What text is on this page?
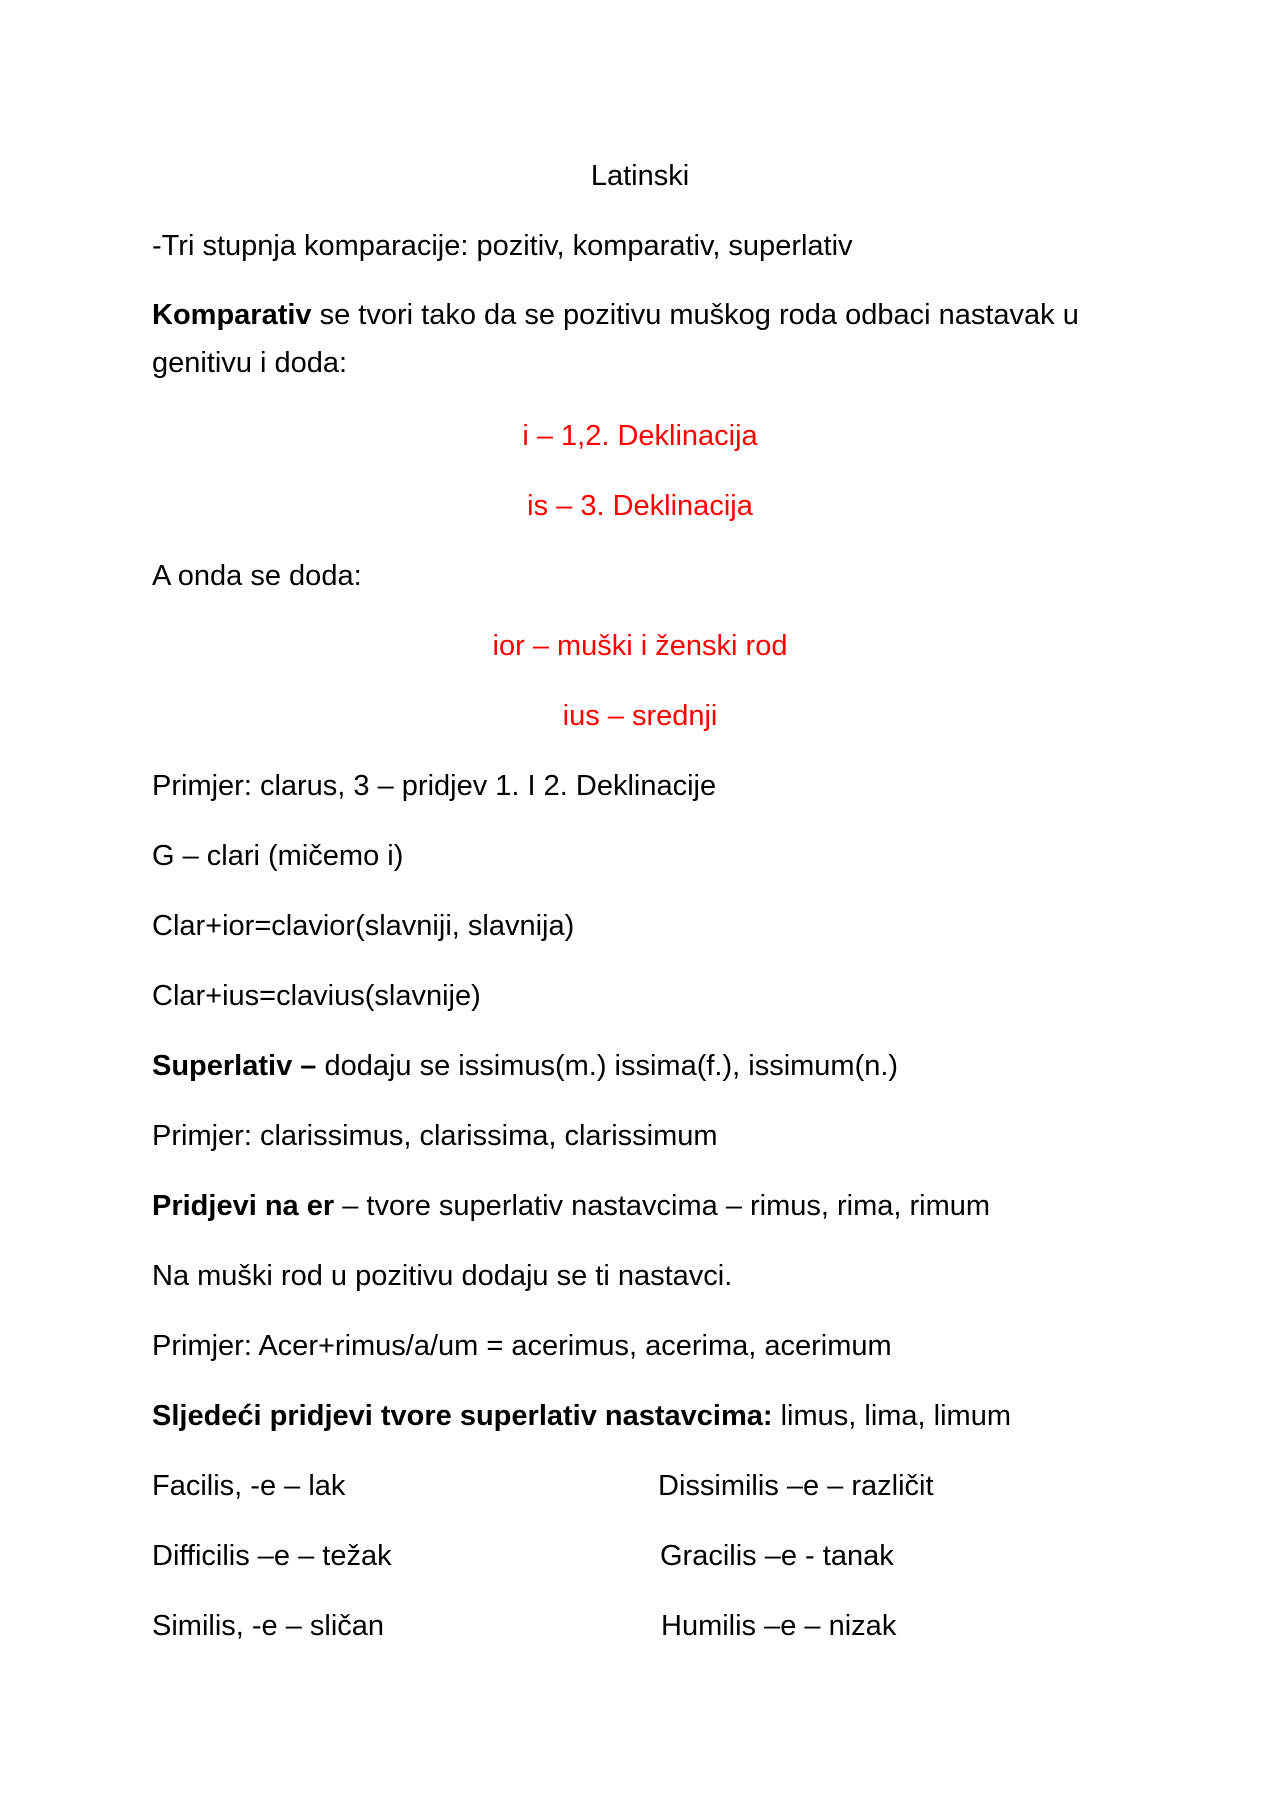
Latinski
-Tri stupnja komparacije: pozitiv, komparativ, superlativ
Komparativ se tvori tako da se pozitivu muškog roda odbaci nastavak u genitivu i doda:
i – 1,2. Deklinacija
is – 3. Deklinacija
A onda se doda:
ior – muški i ženski rod
ius – srednji
Primjer: clarus, 3 – pridjev 1. I 2. Deklinacije
G – clari (mičemo i)
Clar+ior=clavior(slavniji, slavnija)
Clar+ius=clavius(slavnije)
Superlativ – dodaju se issimus(m.) issima(f.), issimum(n.)
Primjer: clarissimus, clarissima, clarissimum
Pridjevi na er – tvore superlativ nastavcima – rimus, rima, rimum
Na muški rod u pozitivu dodaju se ti nastavci.
Primjer: Acer+rimus/a/um = acerimus, acerima, acerimum
Sljedeći pridjevi tvore superlativ nastavcima: limus, lima, limum
Facilis, -e – lak	Dissimilis –e – različit
Difficilis –e – težak	Gracilis –e - tanak
Similis, -e – sličan	Humilis –e – nizak
